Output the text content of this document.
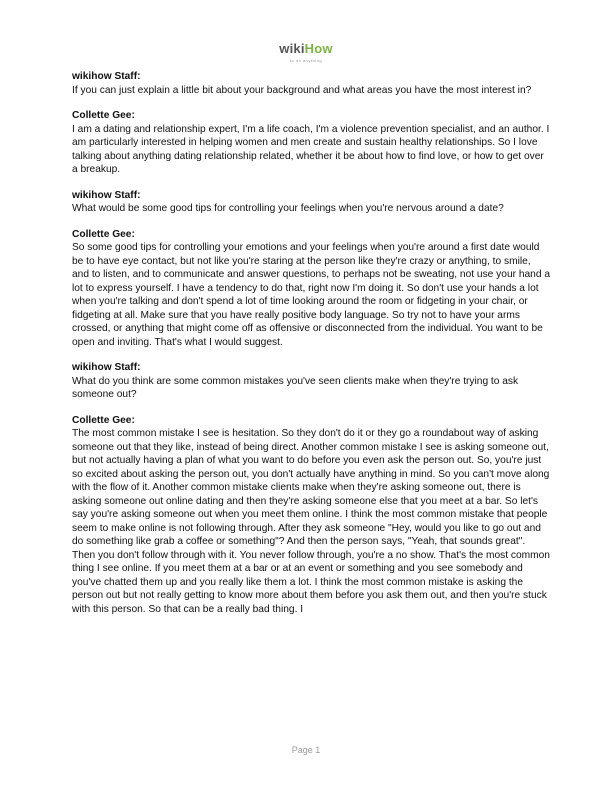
wikiHow
to do anything

wikihow Staff:

If you can just explain a little bit about your background and what areas you have the most interest in?

Collette Gee:

I am a dating and relationship expert, I'm a life coach, I'm a violence prevention specialist, and an author. I am particularly interested in helping women and men create and sustain healthy relationships. So I love talking about anything dating relationship related, whether it be about how to find love, or how to get over a breakup.

wikihow Staff:

What would be some good tips for controlling your feelings when you're nervous around a date?

Collette Gee:

So some good tips for controlling your emotions and your feelings when you're around a first date would be to have eye contact, but not like you're staring at the person like they're crazy or anything, to smile, and to listen, and to communicate and answer questions, to perhaps not be sweating, not use your hand a lot to express yourself. I have a tendency to do that, right now I'm doing it. So don't use your hands a lot when you're talking and don't spend a lot of time looking around the room or fidgeting in your chair, or fidgeting at all. Make sure that you have really positive body language. So try not to have your arms crossed, or anything that might come off as offensive or disconnected from the individual. You want to be open and inviting. That's what I would suggest.

wikihow Staff:

What do you think are some common mistakes you've seen clients make when they're trying to ask someone out?

Collette Gee:

The most common mistake I see is hesitation. So they don't do it or they go a roundabout way of asking someone out that they like, instead of being direct. Another common mistake I see is asking someone out, but not actually having a plan of what you want to do before you even ask the person out. So, you're just so excited about asking the person out, you don't actually have anything in mind. So you can't move along with the flow of it. Another common mistake clients make when they're asking someone out, there is asking someone out online dating and then they're asking someone else that you meet at a bar. So let's say you're asking someone out when you meet them online. I think the most common mistake that people seem to make online is not following through. After they ask someone "Hey, would you like to go out and do something like grab a coffee or something"? And then the person says, "Yeah, that sounds great". Then you don't follow through with it. You never follow through, you're a no show. That's the most common thing I see online. If you meet them at a bar or at an event or something and you see somebody and you've chatted them up and you really like them a lot. I think the most common mistake is asking the person out but not really getting to know more about them before you ask them out, and then you're stuck with this person. So that can be a really bad thing. I

Page 1
